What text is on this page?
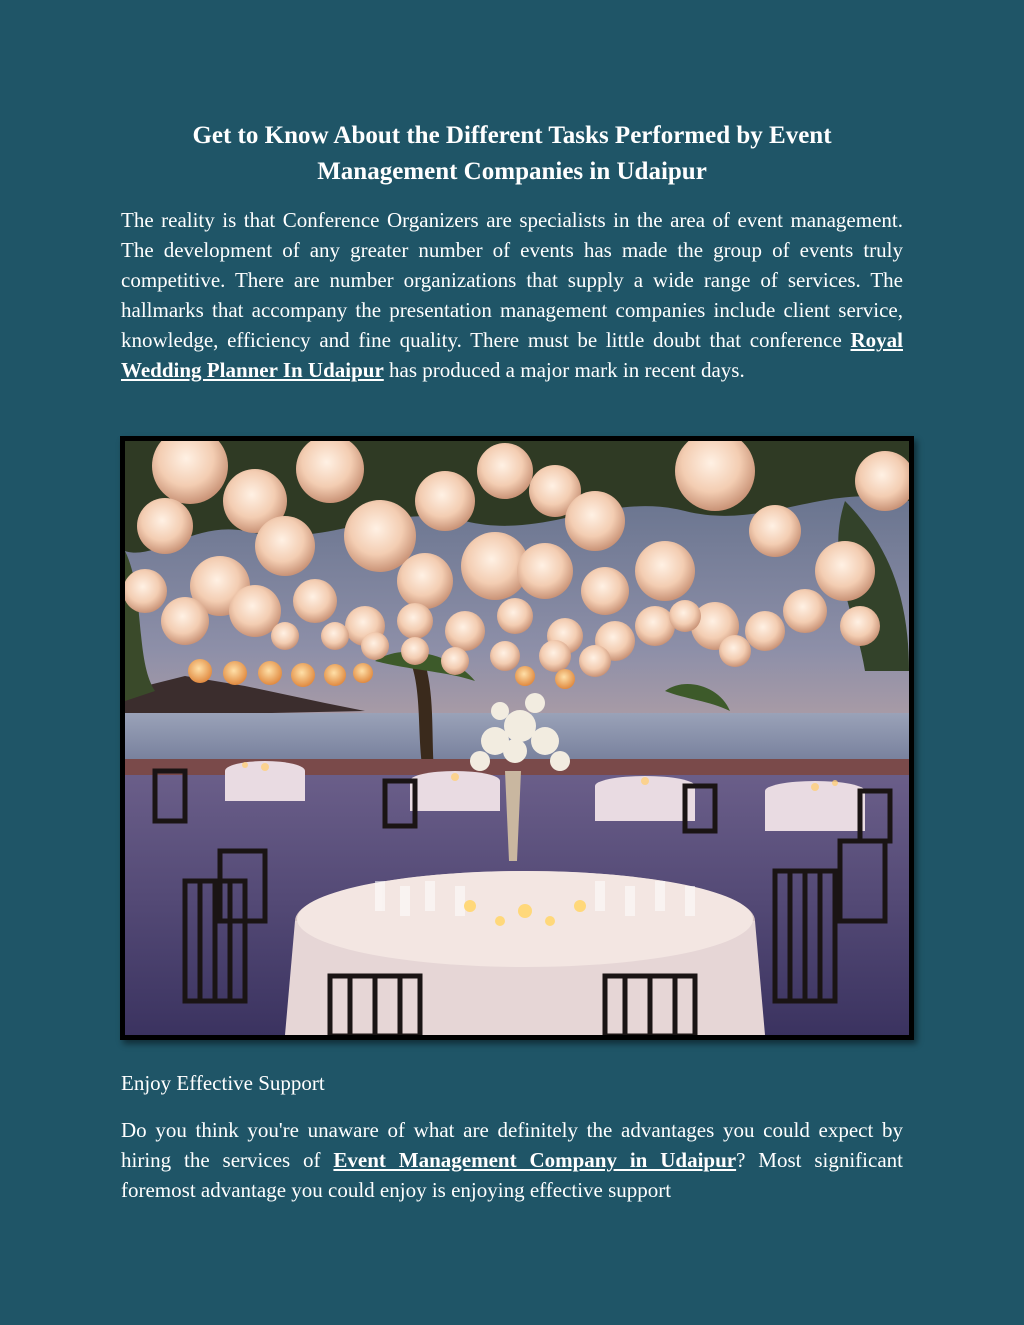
Get to Know About the Different Tasks Performed by Event
Management Companies in Udaipur

The reality is that Conference Organizers are specialists in the area of event management. The development of any greater number of events has made the group of events truly competitive. There are number organizations that supply a wide range of services. The hallmarks that accompany the presentation management companies include client service, knowledge, efficiency and fine quality. There must be little doubt that conference Royal Wedding Planner In Udaipur has produced a major mark in recent days.

Enjoy Effective Support

Do you think you're unaware of what are definitely the advantages you could expect by hiring the services of Event Management Company in Udaipur? Most significant foremost advantage you could enjoy is enjoying effective support
